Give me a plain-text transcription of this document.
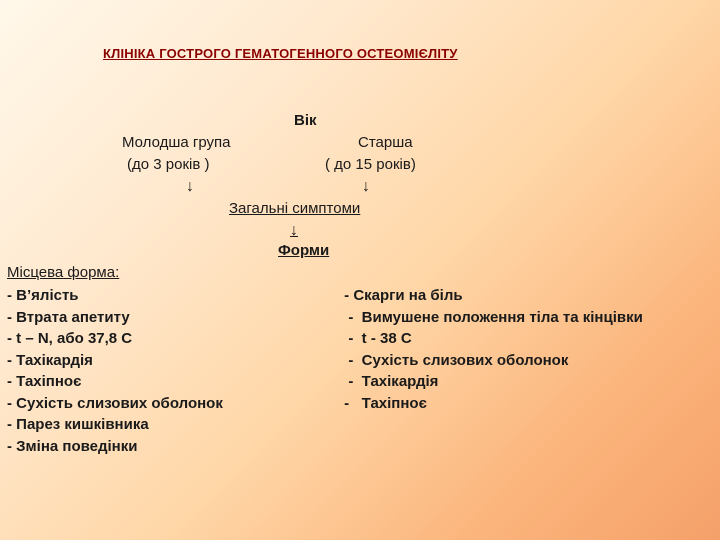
КЛІНІКА ГОСТРОГО ГЕМАТОГЕННОГО ОСТЕОМІЄЛІТУ
Вік
Молодша група	Старша
(до 3 років )	( до 15 років)
↓	↓
Загальні симптоми
↓
Форми
Місцева форма:
- В’ялість
- Втрата апетиту
- t – N, або 37,8 С
- Тахікардія
- Тахіпноє
- Сухість слизових оболонок
- Парез кишківника
- Зміна поведінки
- Скарги на біль
-  Вимушене положення тіла та кінцівки
-  t - 38 С
-  Сухість слизових оболонок
-  Тахікардія
-   Тахіпноє
